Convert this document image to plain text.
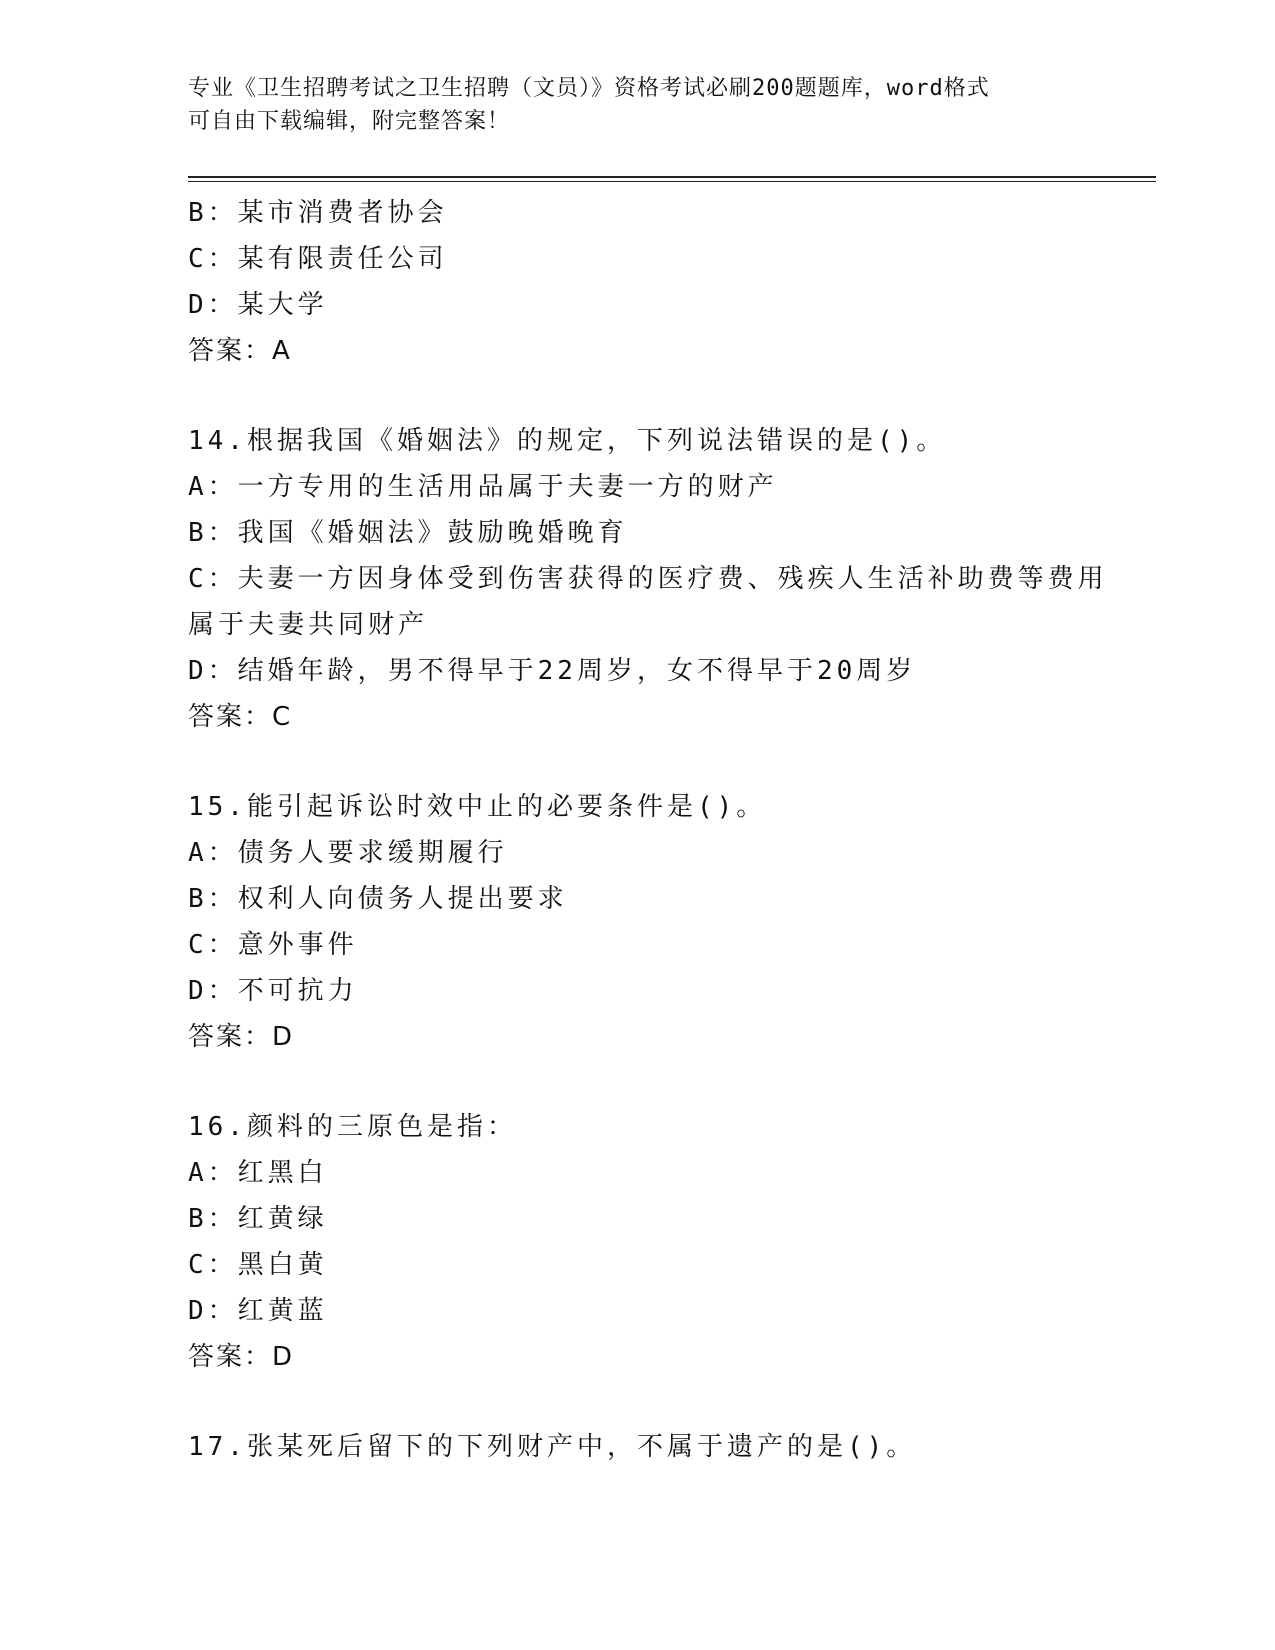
专业《卫生招聘考试之卫生招聘（文员）》资格考试必刷200题题库，word格式
可自由下载编辑，附完整答案！
B：某市消费者协会
C：某有限责任公司
D：某大学
答案：A
14.根据我国《婚姻法》的规定，下列说法错误的是()。
A：一方专用的生活用品属于夫妻一方的财产
B：我国《婚姻法》鼓励晚婚晚育
C：夫妻一方因身体受到伤害获得的医疗费、残疾人生活补助费等费用
属于夫妻共同财产
D：结婚年龄，男不得早于22周岁，女不得早于20周岁
答案：C
15.能引起诉讼时效中止的必要条件是()。
A：债务人要求缓期履行
B：权利人向债务人提出要求
C：意外事件
D：不可抗力
答案：D
16.颜料的三原色是指：
A：红黑白
B：红黄绿
C：黑白黄
D：红黄蓝
答案：D
17.张某死后留下的下列财产中，不属于遗产的是()。
